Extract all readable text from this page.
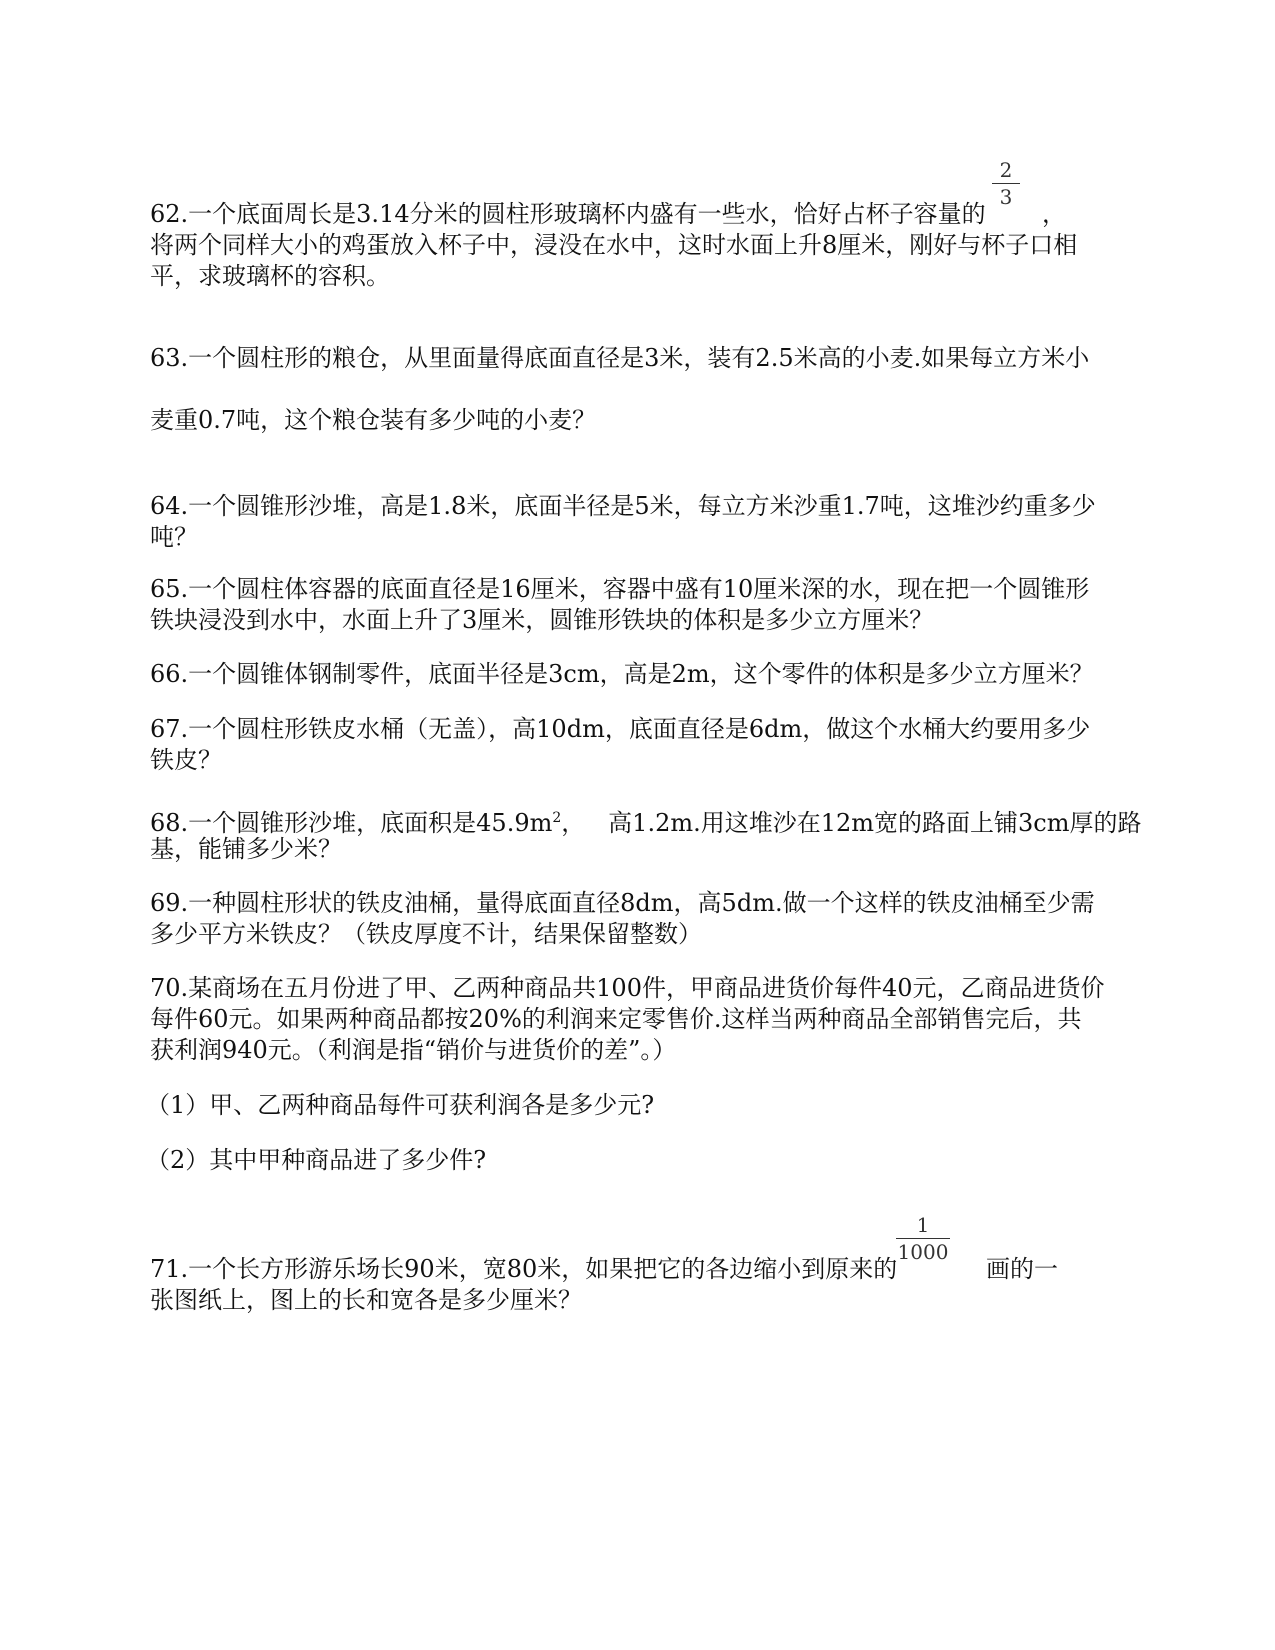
2
3
62.一个底面周长是3.14分米的圆柱形玻璃杯内盛有一些水，恰好占杯子容量的 ，
将两个同样大小的鸡蛋放入杯子中，浸没在水中，这时水面上升8厘米，刚好与杯子口相
平，求玻璃杯的容积。
63.一个圆柱形的粮仓，从里面量得底面直径是3米，装有2.5米高的小麦.如果每立方米小
麦重0.7吨，这个粮仓装有多少吨的小麦？
64.一个圆锥形沙堆，高是1.8米，底面半径是5米，每立方米沙重1.7吨，这堆沙约重多少
吨？
65.一个圆柱体容器的底面直径是16厘米，容器中盛有10厘米深的水，现在把一个圆锥形
铁块浸没到水中，水面上升了3厘米，圆锥形铁块的体积是多少立方厘米？
66.一个圆锥体钢制零件，底面半径是3cm，高是2m，这个零件的体积是多少立方厘米？
67.一个圆柱形铁皮水桶（无盖），高10dm，底面直径是6dm，做这个水桶大约要用多少
铁皮？
68.一个圆锥形沙堆，底面积是$45.9m^2$，   高1.2m.用这堆沙在12m宽的路面上铺3cm厚的路
基，能铺多少米？
69.一种圆柱形状的铁皮油桶，量得底面直径8dm，高5dm.做一个这样的铁皮油桶至少需
多少平方米铁皮？（铁皮厚度不计，结果保留整数）
70.某商场在五月份进了甲、乙两种商品共100件，甲商品进货价每件40元，乙商品进货价
每件60元。如果两种商品都按20%的利润来定零售价.这样当两种商品全部销售完后，共
获利润940元。（利润是指“销价与进货价的差”。）
（1）甲、乙两种商品每件可获利润各是多少元?
（2）其中甲种商品进了多少件?
1
1000
71.一个长方形游乐场长90米，宽80米，如果把它的各边缩小到原来的	画的一
张图纸上，图上的长和宽各是多少厘米？
